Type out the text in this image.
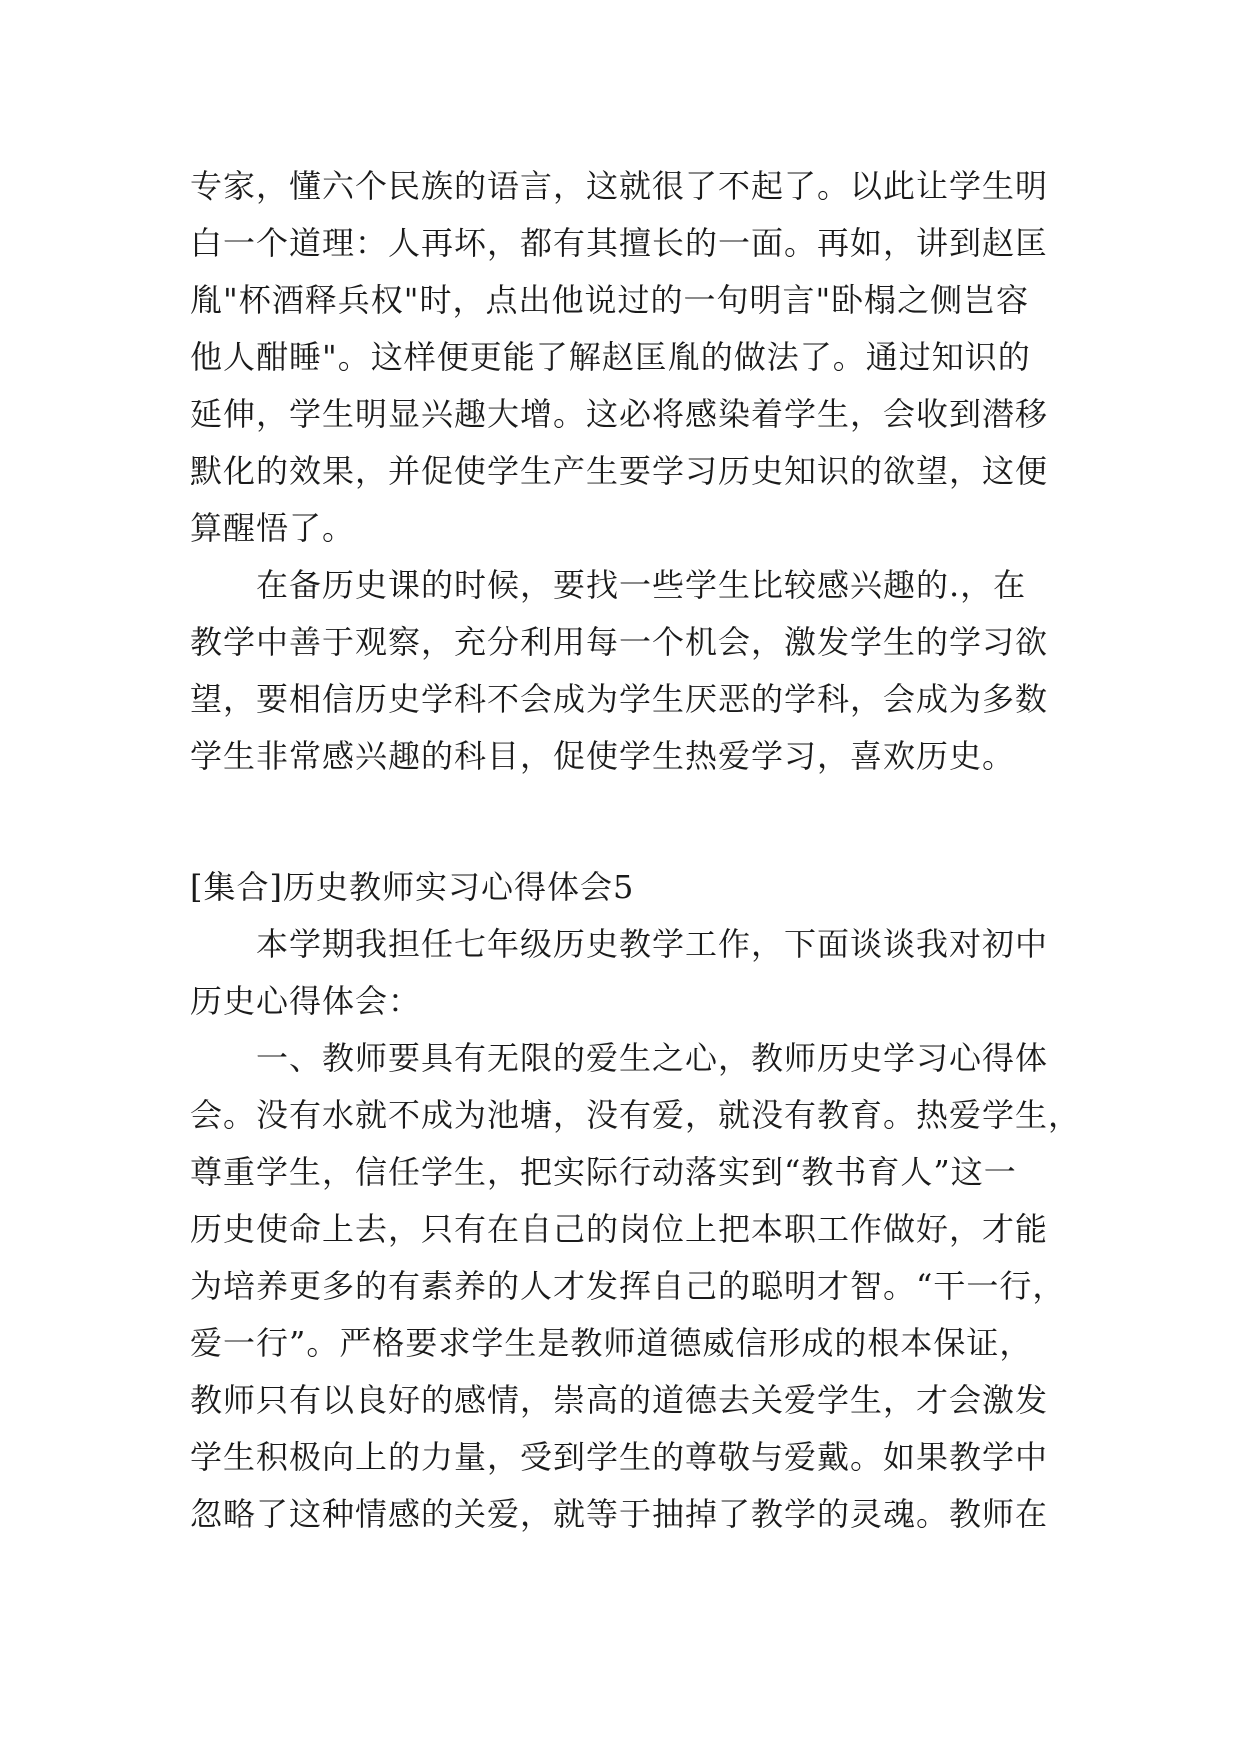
专家，懂六个民族的语言，这就很了不起了。以此让学生明
白一个道理：人再坏，都有其擅长的一面。再如，讲到赵匡
胤"杯酒释兵权"时，点出他说过的一句明言"卧榻之侧岂容
他人酣睡"。这样便更能了解赵匡胤的做法了。通过知识的
延伸，学生明显兴趣大增。这必将感染着学生，会收到潜移
默化的效果，并促使学生产生要学习历史知识的欲望，这便
算醒悟了。
在备历史课的时候，要找一些学生比较感兴趣的.，在
教学中善于观察，充分利用每一个机会，激发学生的学习欲
望，要相信历史学科不会成为学生厌恶的学科，会成为多数
学生非常感兴趣的科目，促使学生热爱学习，喜欢历史。
[集合]历史教师实习心得体会5
本学期我担任七年级历史教学工作，下面谈谈我对初中
历史心得体会：
一、教师要具有无限的爱生之心，教师历史学习心得体
会。没有水就不成为池塘，没有爱，就没有教育。热爱学生，
尊重学生，信任学生，把实际行动落实到“教书育人”这一
历史使命上去，只有在自己的岗位上把本职工作做好，才能
为培养更多的有素养的人才发挥自己的聪明才智。“干一行，
爱一行”。严格要求学生是教师道德威信形成的根本保证，
教师只有以良好的感情，崇高的道德去关爱学生，才会激发
学生积极向上的力量，受到学生的尊敬与爱戴。如果教学中
忽略了这种情感的关爱，就等于抽掉了教学的灵魂。教师在
